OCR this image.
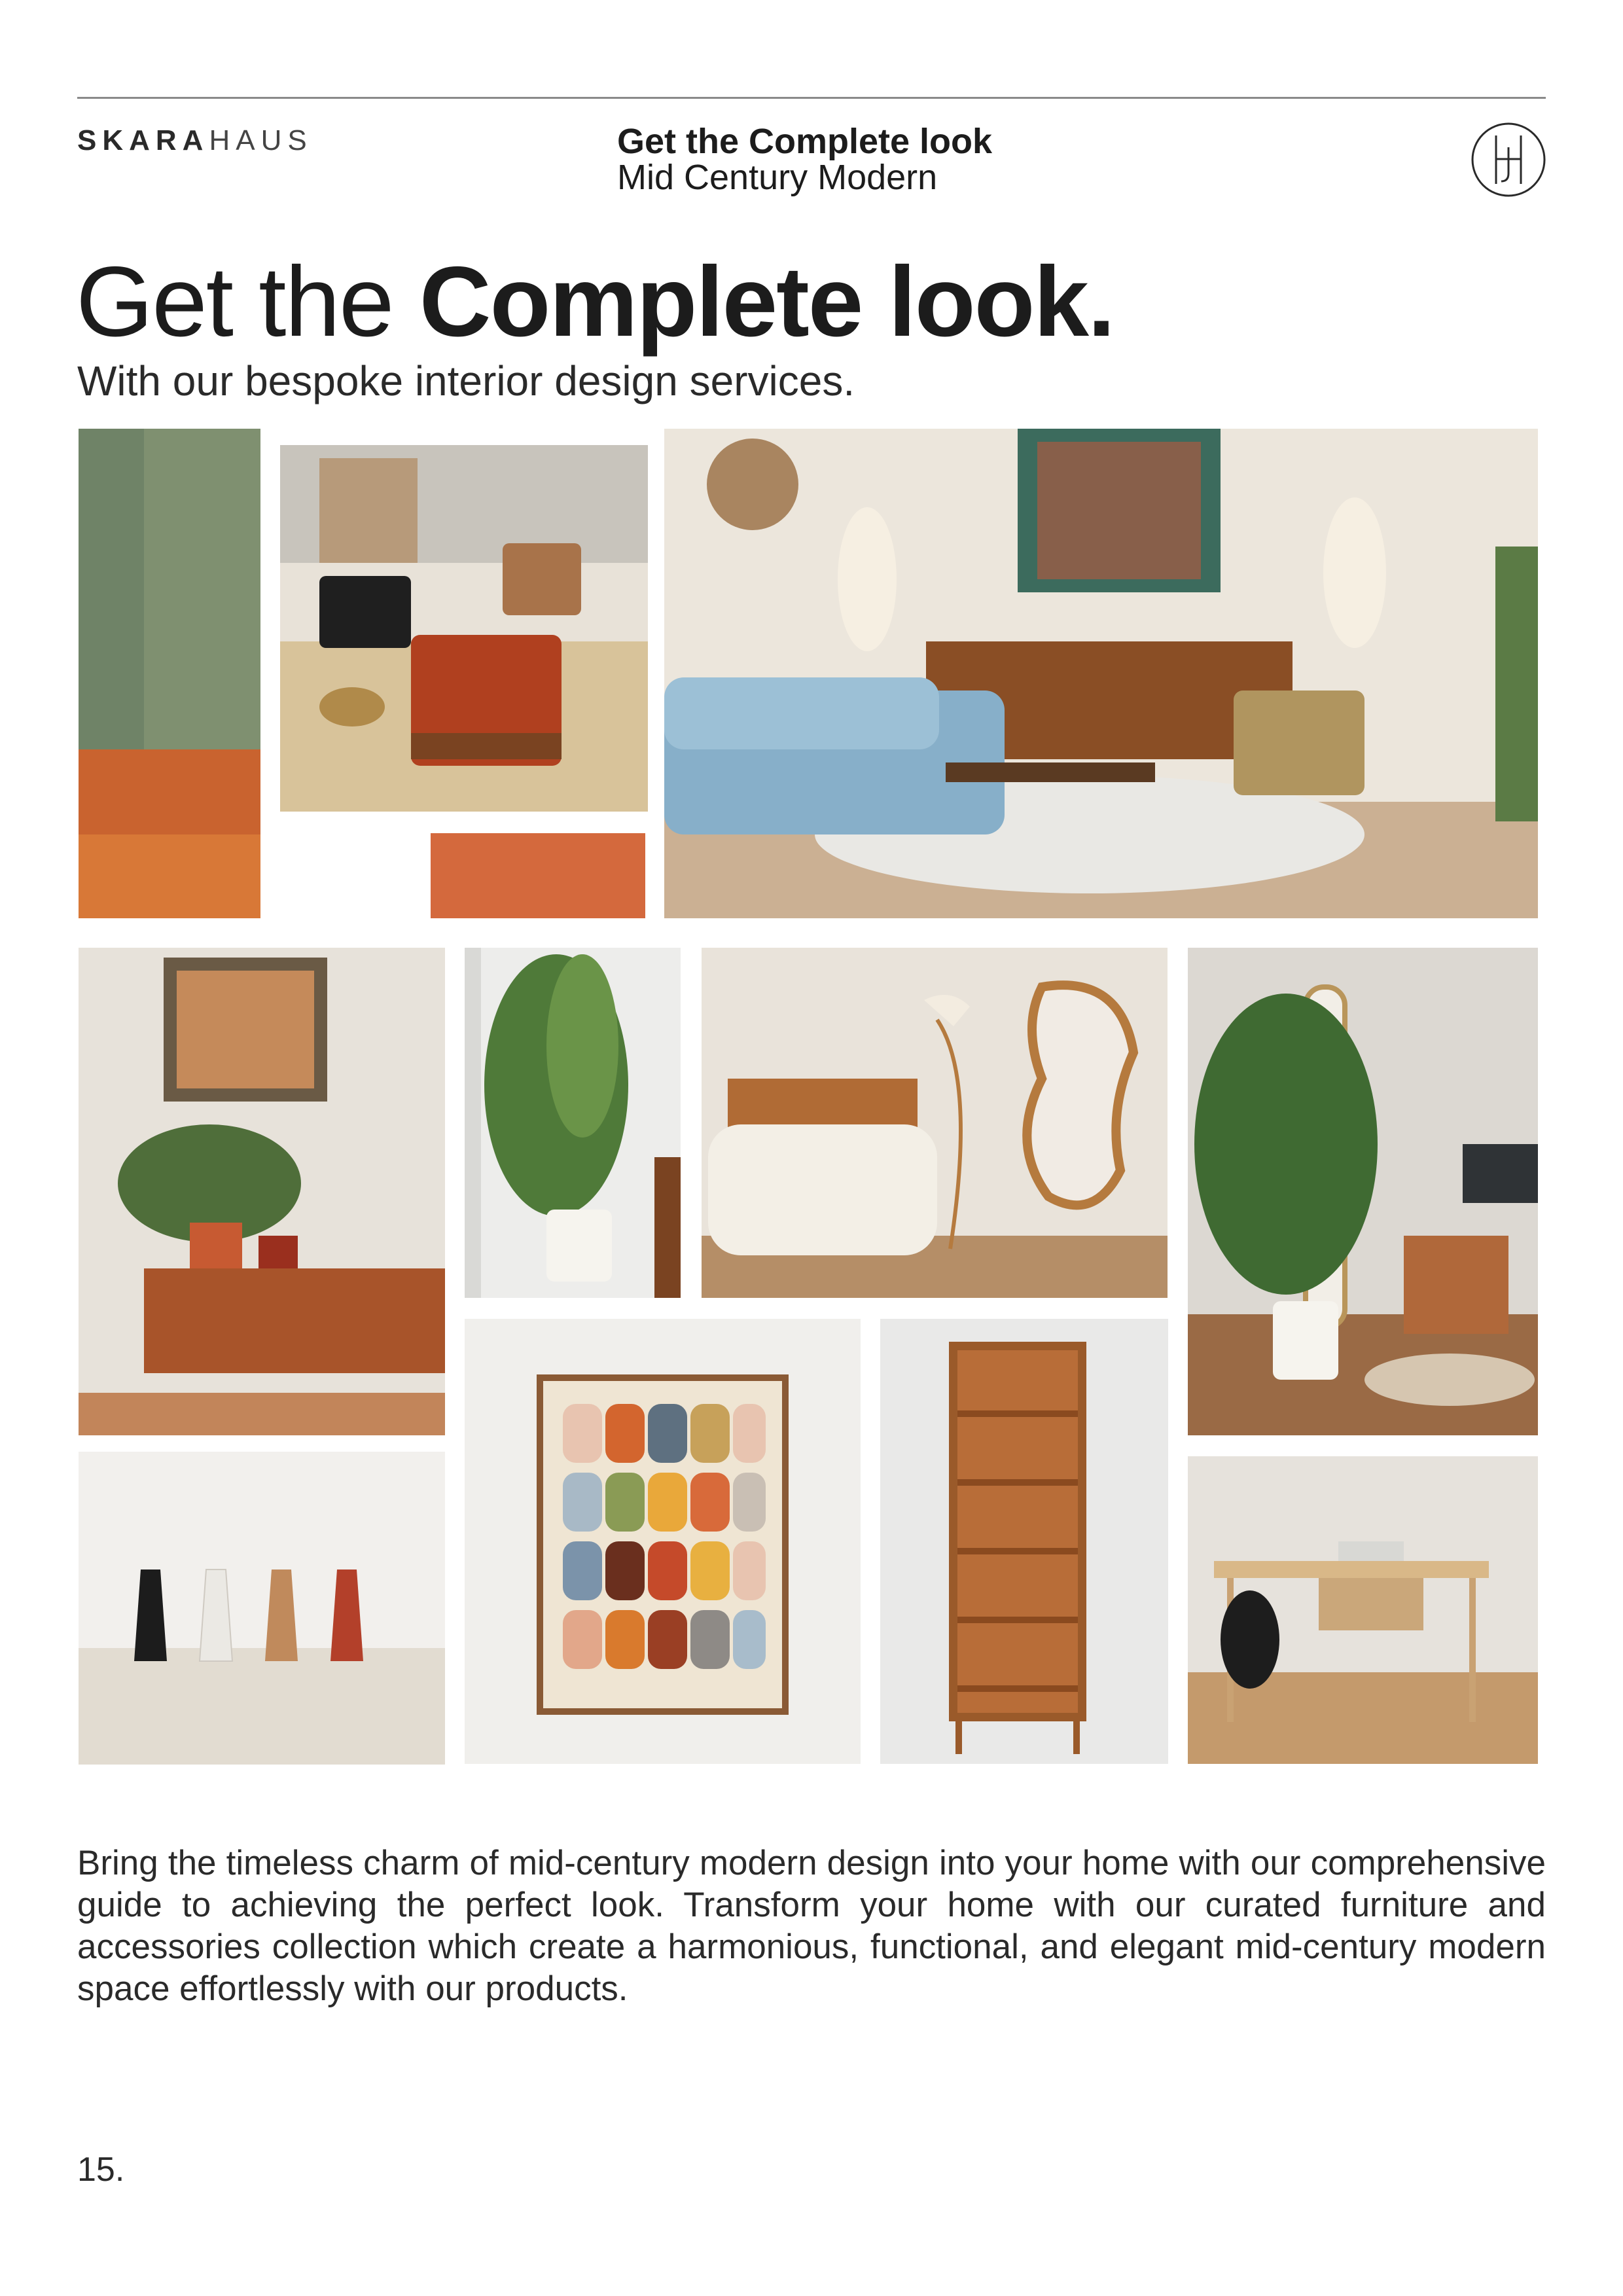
SKARAHAUS	Get the Complete look
Mid Century Modern
Get the Complete look.
With our bespoke interior design services.
Bring the timeless charm of mid-century modern design into your home with our comprehensive guide to achieving the perfect look. Transform your home with our curated furniture and accessories collection which create a harmonious, functional, and elegant mid-century modern space effortlessly with our products.
15.
